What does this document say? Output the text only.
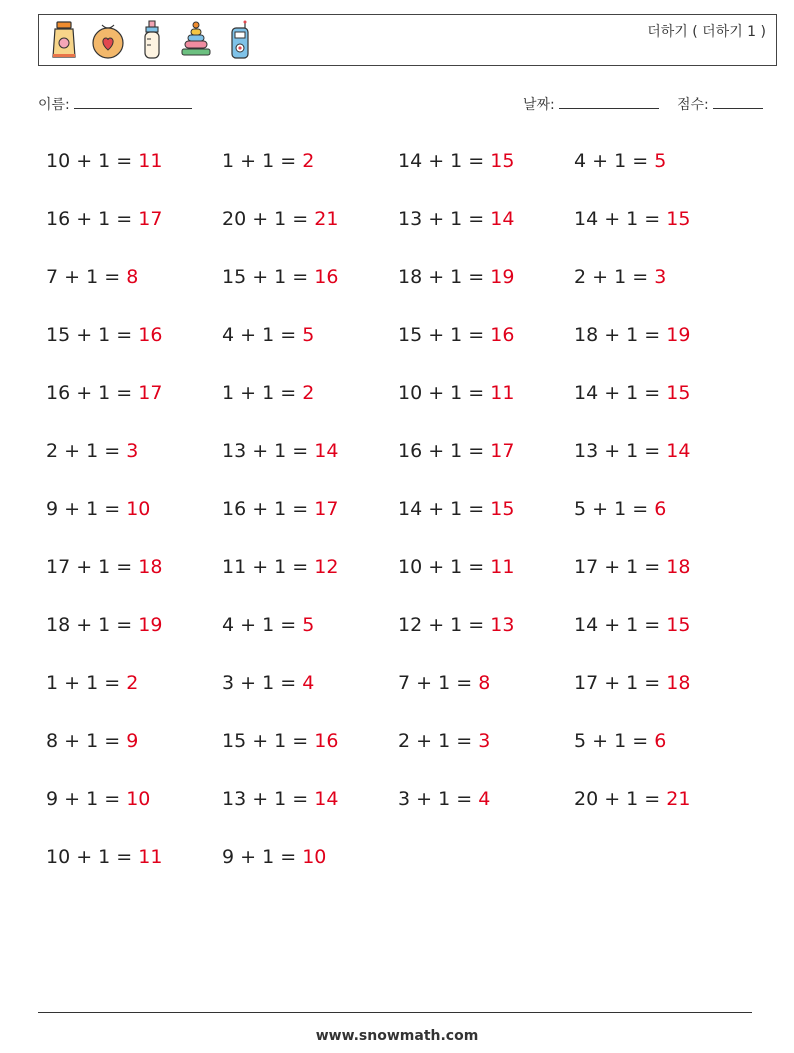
더하기 ( 더하기 1 )
이름:	날짜:	점수:
10 + 1 = 11	1 + 1 = 2	14 + 1 = 15	4 + 1 = 5
16 + 1 = 17	20 + 1 = 21	13 + 1 = 14	14 + 1 = 15
7 + 1 = 8	15 + 1 = 16	18 + 1 = 19	2 + 1 = 3
15 + 1 = 16	4 + 1 = 5	15 + 1 = 16	18 + 1 = 19
16 + 1 = 17	1 + 1 = 2	10 + 1 = 11	14 + 1 = 15
2 + 1 = 3	13 + 1 = 14	16 + 1 = 17	13 + 1 = 14
9 + 1 = 10	16 + 1 = 17	14 + 1 = 15	5 + 1 = 6
17 + 1 = 18	11 + 1 = 12	10 + 1 = 11	17 + 1 = 18
18 + 1 = 19	4 + 1 = 5	12 + 1 = 13	14 + 1 = 15
1 + 1 = 2	3 + 1 = 4	7 + 1 = 8	17 + 1 = 18
8 + 1 = 9	15 + 1 = 16	2 + 1 = 3	5 + 1 = 6
9 + 1 = 10	13 + 1 = 14	3 + 1 = 4	20 + 1 = 21
10 + 1 = 11	9 + 1 = 10
www.snowmath.com
